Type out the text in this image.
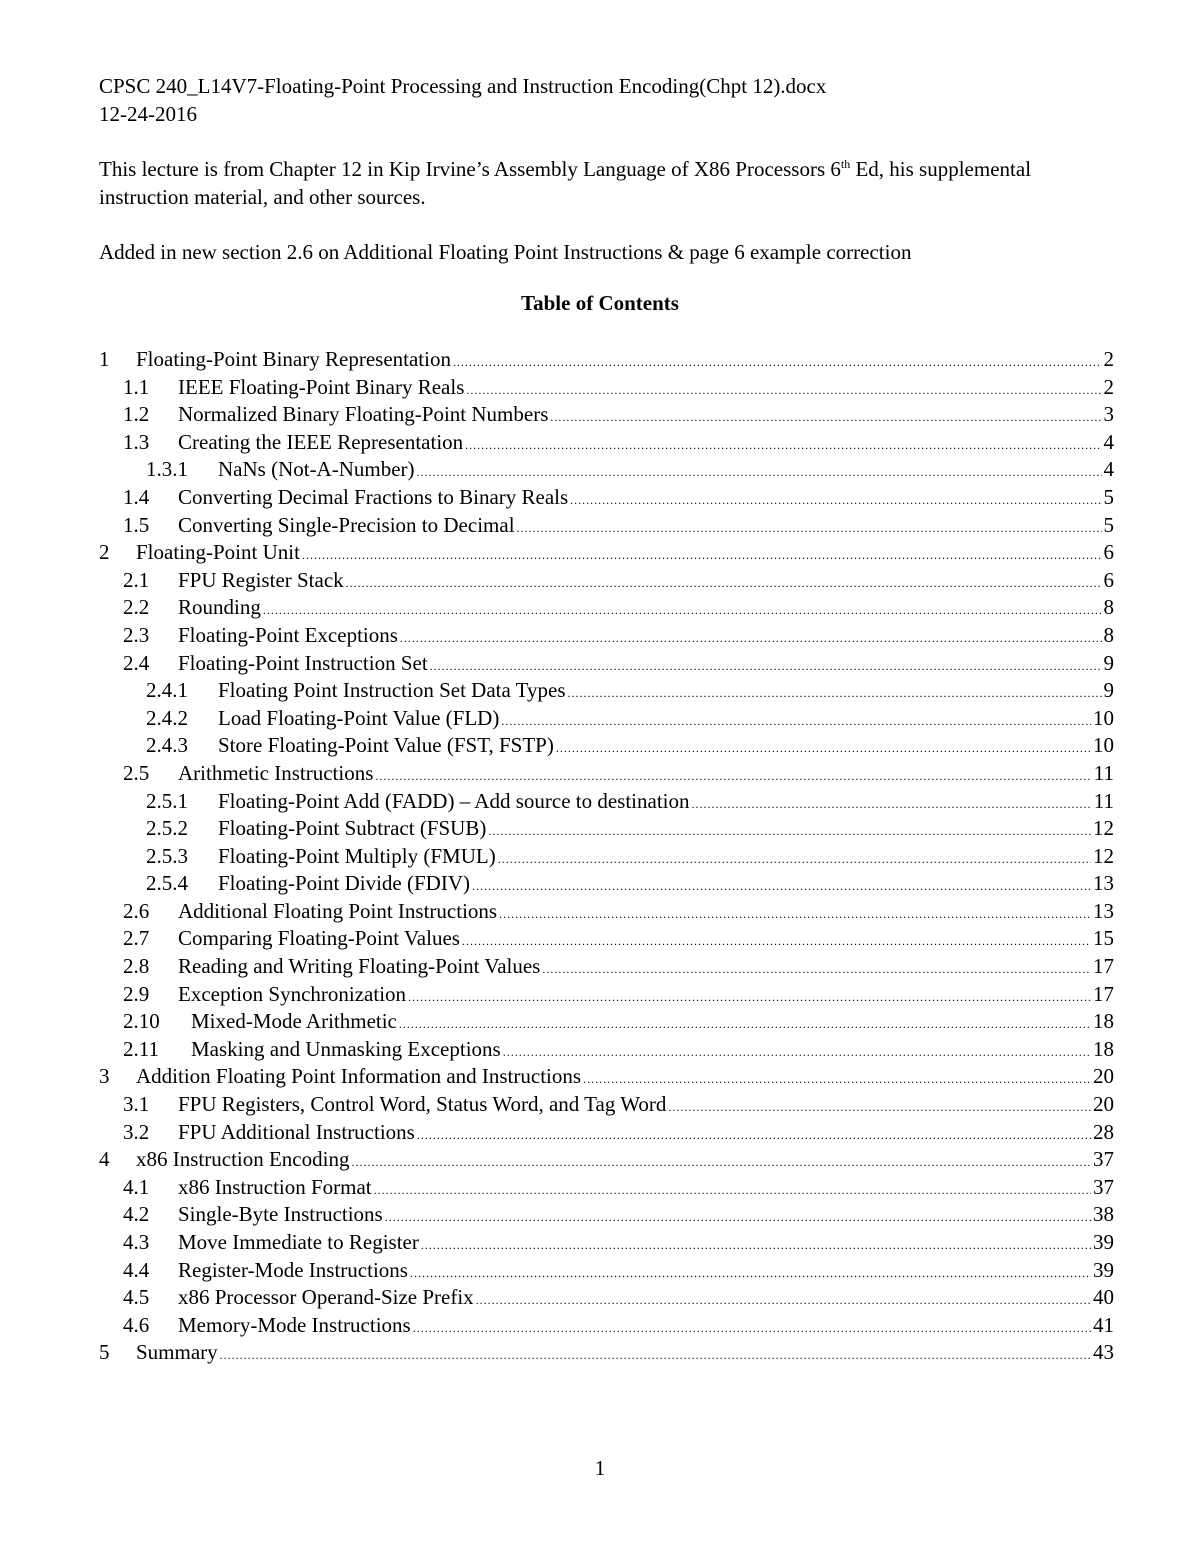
CPSC 240_L14V7-Floating-Point Processing and Instruction Encoding(Chpt 12).docx
12-24-2016
This lecture is from Chapter 12 in Kip Irvine’s Assembly Language of X86 Processors 6th Ed, his supplemental instruction material, and other sources.
Added in new section 2.6 on Additional Floating Point Instructions & page 6 example correction
Table of Contents
1	Floating-Point Binary Representation .....	2
1.1	IEEE Floating-Point Binary Reals .....	2
1.2	Normalized Binary Floating-Point Numbers .....	3
1.3	Creating the IEEE Representation .....	4
1.3.1	NaNs (Not-A-Number) .....	4
1.4	Converting Decimal Fractions to Binary Reals .....	5
1.5	Converting Single-Precision to Decimal .....	5
2	Floating-Point Unit .....	6
2.1	FPU Register Stack .....	6
2.2	Rounding .....	8
2.3	Floating-Point Exceptions .....	8
2.4	Floating-Point Instruction Set .....	9
2.4.1	Floating Point Instruction Set Data Types .....	9
2.4.2	Load Floating-Point Value (FLD) .....	10
2.4.3	Store Floating-Point Value (FST, FSTP) .....	10
2.5	Arithmetic Instructions .....	11
2.5.1	Floating-Point Add (FADD) – Add source to destination .....	11
2.5.2	Floating-Point Subtract (FSUB) .....	12
2.5.3	Floating-Point Multiply (FMUL) .....	12
2.5.4	Floating-Point Divide (FDIV) .....	13
2.6	Additional Floating Point Instructions .....	13
2.7	Comparing Floating-Point Values .....	15
2.8	Reading and Writing Floating-Point Values .....	17
2.9	Exception Synchronization .....	17
2.10	Mixed-Mode Arithmetic .....	18
2.11	Masking and Unmasking Exceptions .....	18
3	Addition Floating Point Information and Instructions .....	20
3.1	FPU Registers, Control Word, Status Word, and Tag Word .....	20
3.2	FPU Additional Instructions .....	28
4	x86 Instruction Encoding .....	37
4.1	x86 Instruction Format .....	37
4.2	Single-Byte Instructions .....	38
4.3	Move Immediate to Register .....	39
4.4	Register-Mode Instructions .....	39
4.5	x86 Processor Operand-Size Prefix .....	40
4.6	Memory-Mode Instructions .....	41
5	Summary .....	43
1
